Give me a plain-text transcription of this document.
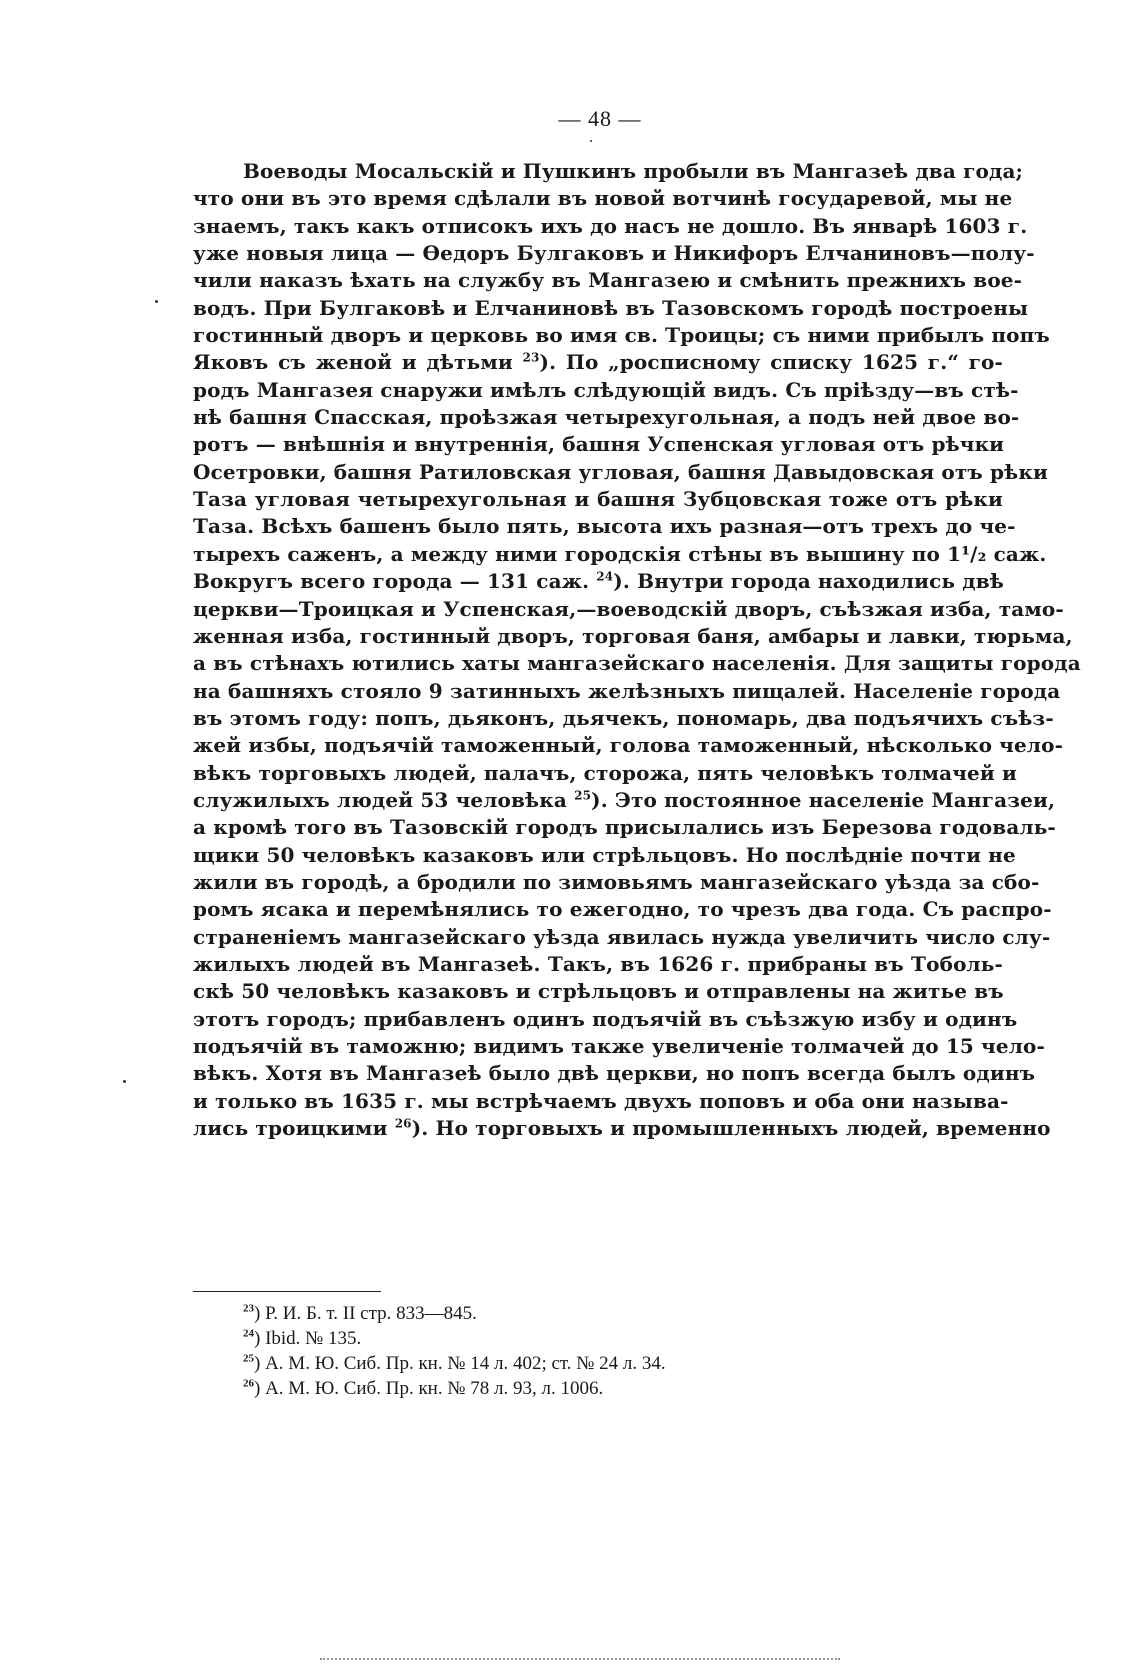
— 48 —
Воеводы Мосальскій и Пушкинъ пробыли въ Мангазеѣ два года;
что они въ это время сдѣлали въ новой вотчинѣ государевой, мы не
знаемъ, такъ какъ отписокъ ихъ до насъ не дошло. Въ январѣ 1603 г.
уже новыя лица — Ѳедоръ Булгаковъ и Никифоръ Елчаниновъ—полу-
чили наказъ ѣхать на службу въ Мангазею и смѣнить прежнихъ вое-
водъ. При Булгаковѣ и Елчаниновѣ въ Тазовскомъ городѣ построены
гостинный дворъ и церковь во имя св. Троицы; съ ними прибылъ попъ
Яковъ съ женой и дѣтьми $^{23}$). По „росписному списку 1625 г.“ го-
родъ Мангазея снаружи имѣлъ слѣдующій видъ. Съ пріѣзду—въ стѣ-
нѣ башня Спасская, проѣзжая четырехугольная, а подъ ней двое во-
ротъ — внѣшнія и внутреннія, башня Успенская угловая отъ рѣчки
Осетровки, башня Ратиловская угловая, башня Давыдовская отъ рѣки
Таза угловая четырехугольная и башня Зубцовская тоже отъ рѣки
Таза. Всѣхъ башенъ было пять, высота ихъ разная—отъ трехъ до че-
тырехъ саженъ, а между ними городскія стѣны въ вышину по 1¹/₂ саж.
Вокругъ всего города — 131 саж. $^{24}$). Внутри города находились двѣ
церкви—Троицкая и Успенская,—воеводскій дворъ, съѣзжая изба, тамо-
женная изба, гостинный дворъ, торговая баня, амбары и лавки, тюрьма,
а въ стѣнахъ ютились хаты мангазейскаго населенія. Для защиты города
на башняхъ стояло 9 затинныхъ желѣзныхъ пищалей. Населеніе города
въ этомъ году: попъ, дьяконъ, дьячекъ, пономарь, два подъячихъ съѣз-
жей избы, подъячій таможенный, голова таможенный, нѣсколько чело-
вѣкъ торговыхъ людей, палачъ, сторожа, пять человѣкъ толмачей и
служилыхъ людей 53 человѣка $^{25}$). Это постоянное населеніе Мангазеи,
а кромѣ того въ Тазовскій городъ присылались изъ Березова годоваль-
щики 50 человѣкъ казаковъ или стрѣльцовъ. Но послѣдніе почти не
жили въ городѣ, а бродили по зимовьямъ мангазейскаго уѣзда за сбо-
ромъ ясака и перемѣнялись то ежегодно, то чрезъ два года. Съ распро-
страненіемъ мангазейскаго уѣзда явилась нужда увеличить число слу-
жилыхъ людей въ Мангазеѣ. Такъ, въ 1626 г. прибраны въ Тоболь-
скѣ 50 человѣкъ казаковъ и стрѣльцовъ и отправлены на житье въ
этотъ городъ; прибавленъ одинъ подъячій въ съѣзжую избу и одинъ
подъячій въ таможню; видимъ также увеличеніе толмачей до 15 чело-
вѣкъ. Хотя въ Мангазеѣ было двѣ церкви, но попъ всегда былъ одинъ
и только въ 1635 г. мы встрѣчаемъ двухъ поповъ и оба они называ-
лись троицкими $^{26}$). Но торговыхъ и промышленныхъ людей, временно
$^{23}$) Р. И. Б. т. II стр. 833—845.
$^{24}$) Ibid. № 135.
$^{25}$) А. М. Ю. Сиб. Пр. кн. № 14 л. 402; ст. № 24 л. 34.
$^{26}$) А. М. Ю. Сиб. Пр. кн. № 78 л. 93, л. 1006.
